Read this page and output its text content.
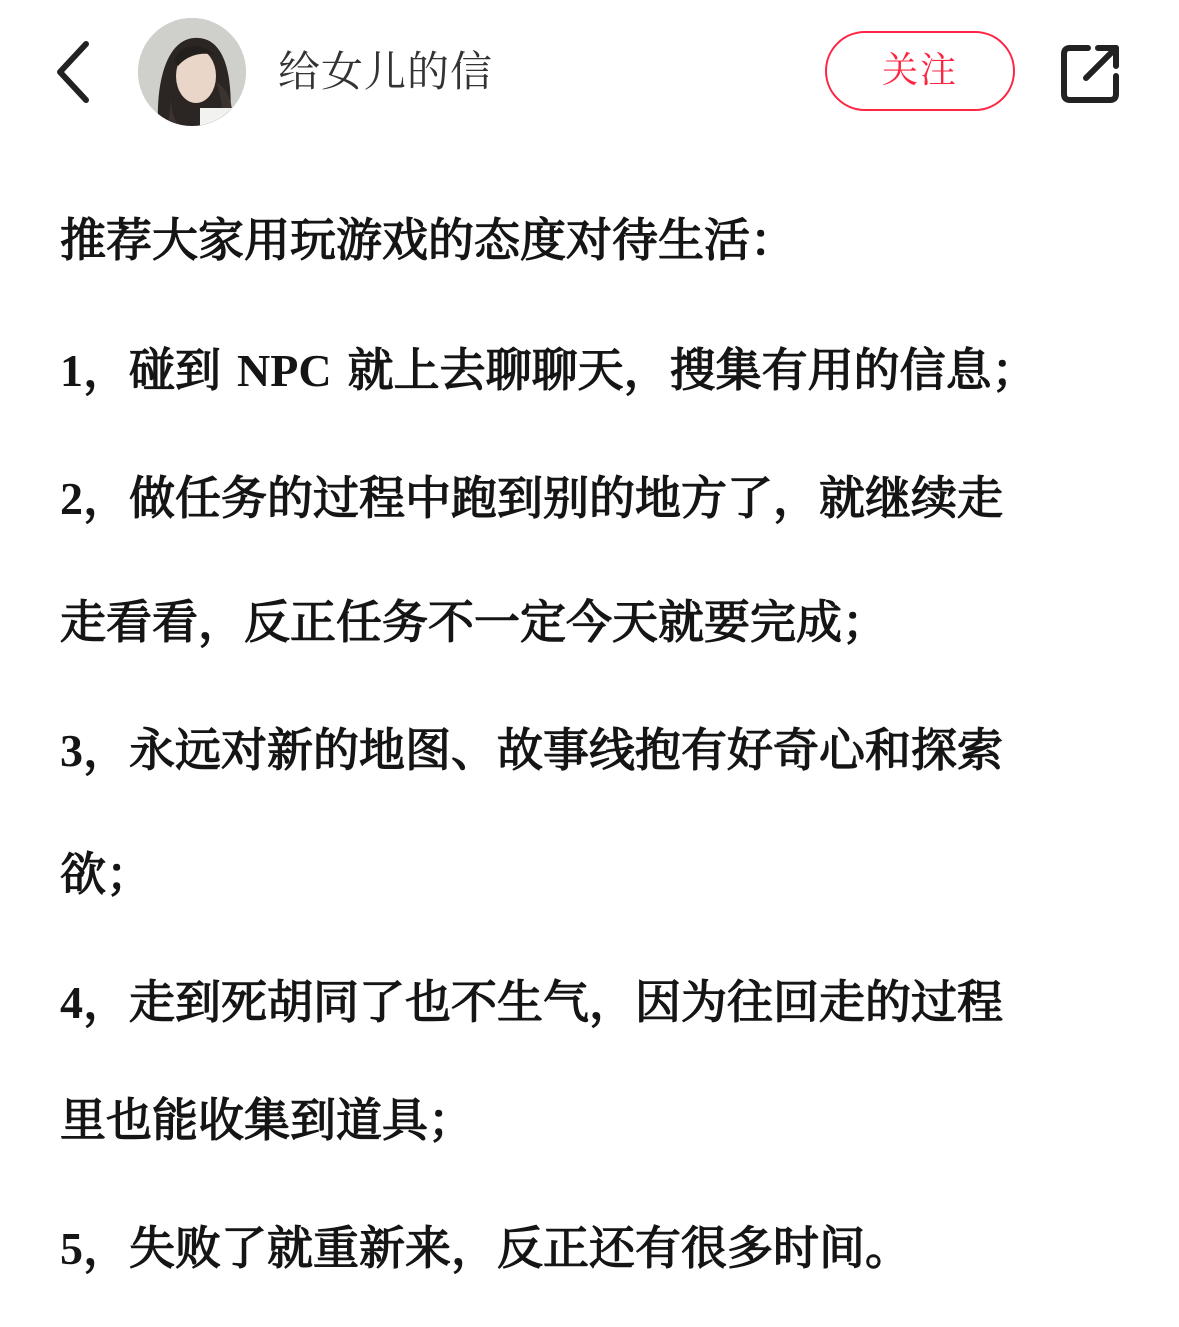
给女儿的信	关注
推荐大家用玩游戏的态度对待生活：
1，碰到 NPC 就上去聊聊天，搜集有用的信息；
2，做任务的过程中跑到别的地方了，就继续走
走看看，反正任务不一定今天就要完成；
3，永远对新的地图、故事线抱有好奇心和探索
欲；
4，走到死胡同了也不生气，因为往回走的过程
里也能收集到道具；
5，失败了就重新来，反正还有很多时间。
